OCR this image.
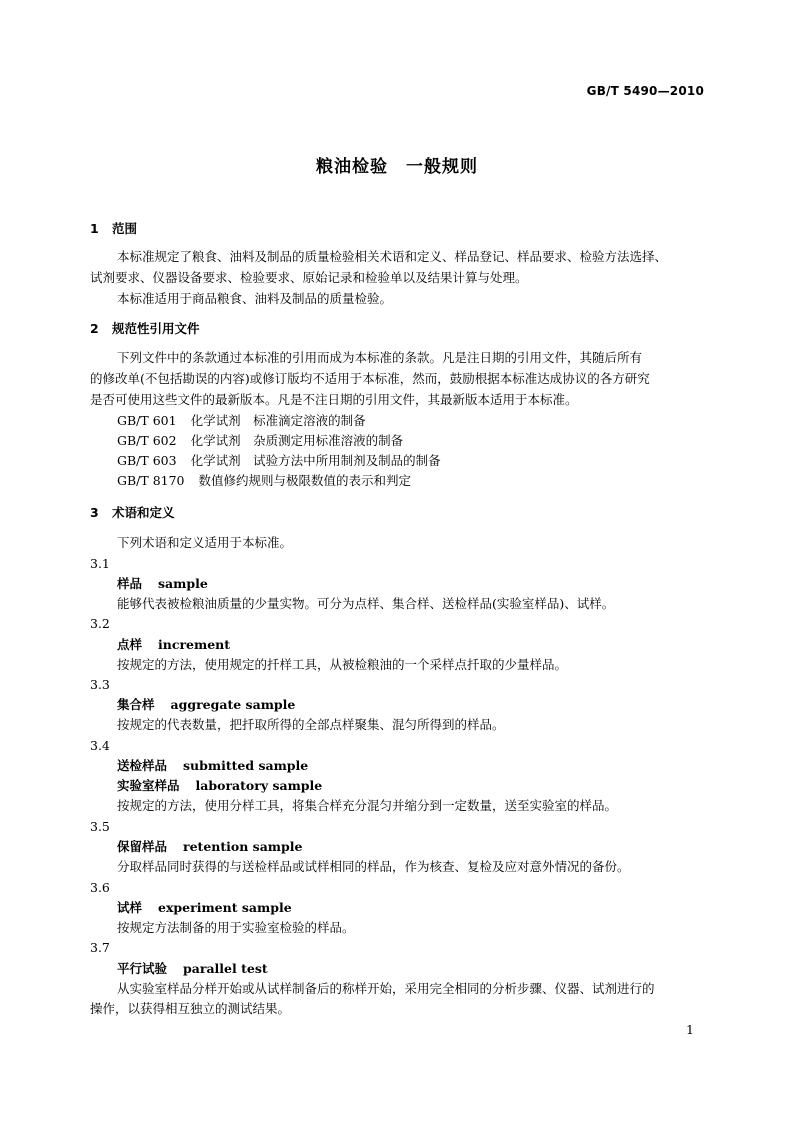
GB/T 5490—2010
粮油检验　一般规则
1 范围
本标准规定了粮食、油料及制品的质量检验相关术语和定义、样品登记、样品要求、检验方法选择、
试剂要求、仪器设备要求、检验要求、原始记录和检验单以及结果计算与处理。
本标准适用于商品粮食、油料及制品的质量检验。
2 规范性引用文件
下列文件中的条款通过本标准的引用而成为本标准的条款。凡是注日期的引用文件，其随后所有
的修改单(不包括勘误的内容)或修订版均不适用于本标准，然而，鼓励根据本标准达成协议的各方研究
是否可使用这些文件的最新版本。凡是不注日期的引用文件，其最新版本适用于本标准。
GB/T 601 化学试剂　标准滴定溶液的制备
GB/T 602 化学试剂　杂质测定用标准溶液的制备
GB/T 603 化学试剂　试验方法中所用制剂及制品的制备
GB/T 8170 数值修约规则与极限数值的表示和判定
3 术语和定义
下列术语和定义适用于本标准。
3.1
样品 sample
能够代表被检粮油质量的少量实物。可分为点样、集合样、送检样品(实验室样品)、试样。
3.2
点样 increment
按规定的方法，使用规定的扦样工具，从被检粮油的一个采样点扦取的少量样品。
3.3
集合样 aggregate sample
按规定的代表数量，把扦取所得的全部点样聚集、混匀所得到的样品。
3.4
送检样品 submitted sample
实验室样品 laboratory sample
按规定的方法，使用分样工具，将集合样充分混匀并缩分到一定数量，送至实验室的样品。
3.5
保留样品 retention sample
分取样品同时获得的与送检样品或试样相同的样品，作为核查、复检及应对意外情况的备份。
3.6
试样 experiment sample
按规定方法制备的用于实验室检验的样品。
3.7
平行试验 parallel test
从实验室样品分样开始或从试样制备后的称样开始，采用完全相同的分析步骤、仪器、试剂进行的
操作，以获得相互独立的测试结果。
1
